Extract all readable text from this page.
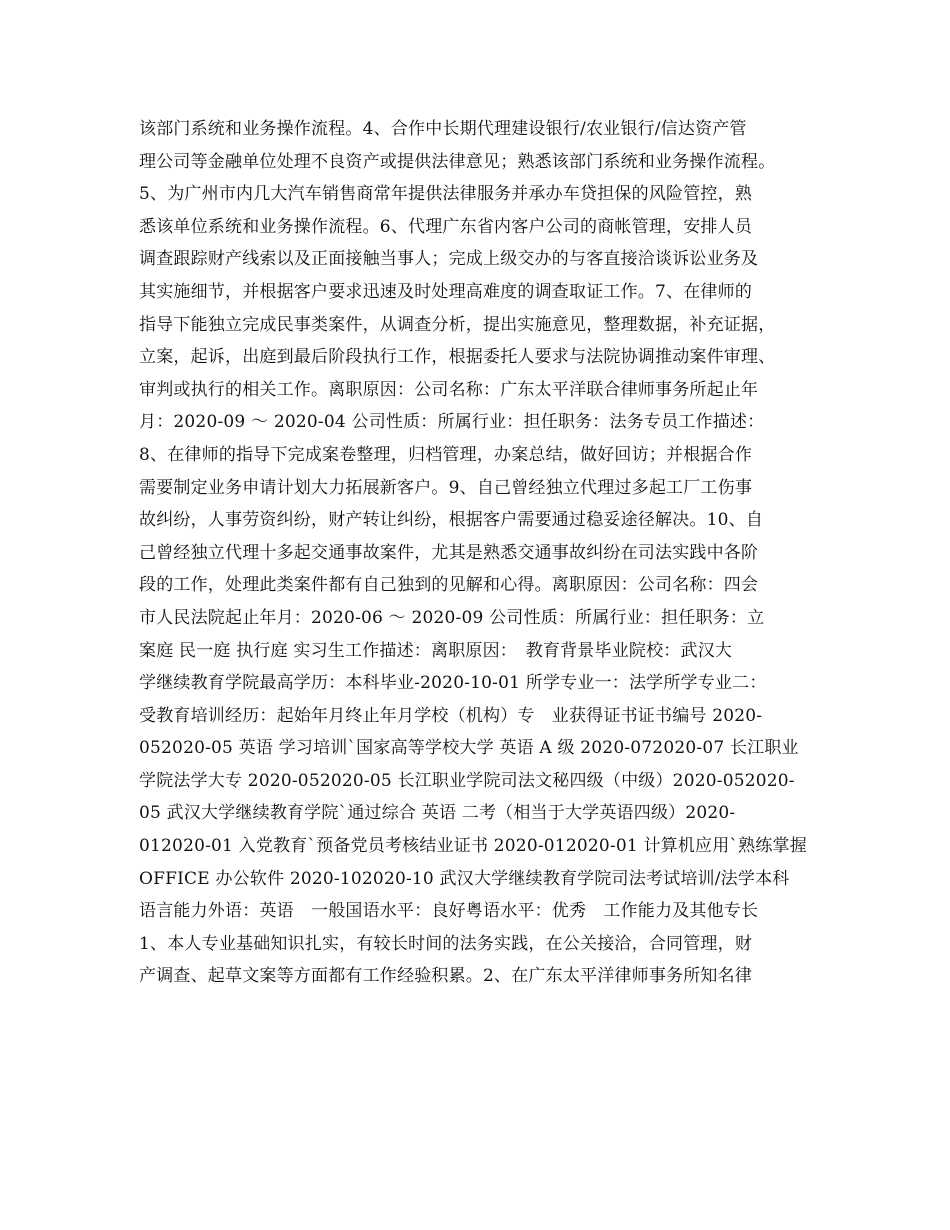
该部门系统和业务操作流程。4、合作中长期代理建设银行/农业银行/信达资产管
理公司等金融单位处理不良资产或提供法律意见；熟悉该部门系统和业务操作流程。
5、为广州市内几大汽车销售商常年提供法律服务并承办车贷担保的风险管控，熟
悉该单位系统和业务操作流程。6、代理广东省内客户公司的商帐管理，安排人员
调查跟踪财产线索以及正面接触当事人；完成上级交办的与客直接洽谈诉讼业务及
其实施细节，并根据客户要求迅速及时处理高难度的调查取证工作。7、在律师的
指导下能独立完成民事类案件，从调查分析，提出实施意见，整理数据，补充证据，
立案，起诉，出庭到最后阶段执行工作，根据委托人要求与法院协调推动案件审理、
审判或执行的相关工作。离职原因：公司名称：广东太平洋联合律师事务所起止年
月：2020-09 ～ 2020-04 公司性质：所属行业：担任职务：法务专员工作描述：
8、在律师的指导下完成案卷整理，归档管理，办案总结，做好回访；并根据合作
需要制定业务申请计划大力拓展新客户。9、自己曾经独立代理过多起工厂工伤事
故纠纷，人事劳资纠纷，财产转让纠纷，根据客户需要通过稳妥途径解决。10、自
己曾经独立代理十多起交通事故案件，尤其是熟悉交通事故纠纷在司法实践中各阶
段的工作，处理此类案件都有自己独到的见解和心得。离职原因：公司名称：四会
市人民法院起止年月：2020-06 ～ 2020-09 公司性质：所属行业：担任职务：立
案庭 民一庭 执行庭 实习生工作描述：离职原因：　教育背景毕业院校：武汉大
学继续教育学院最高学历：本科毕业-2020-10-01 所学专业一：法学所学专业二：
受教育培训经历：起始年月终止年月学校（机构）专　业获得证书证书编号 2020-
052020-05 英语 学习培训`国家高等学校大学 英语 A 级 2020-072020-07 长江职业
学院法学大专 2020-052020-05 长江职业学院司法文秘四级（中级）2020-052020-
05 武汉大学继续教育学院`通过综合 英语 二考（相当于大学英语四级）2020-
012020-01 入党教育`预备党员考核结业证书 2020-012020-01 计算机应用`熟练掌握
OFFICE 办公软件 2020-102020-10 武汉大学继续教育学院司法考试培训/法学本科
语言能力外语：英语　一般国语水平：良好粤语水平：优秀　工作能力及其他专长
1、本人专业基础知识扎实，有较长时间的法务实践，在公关接洽，合同管理，财
产调查、起草文案等方面都有工作经验积累。2、在广东太平洋律师事务所知名律
